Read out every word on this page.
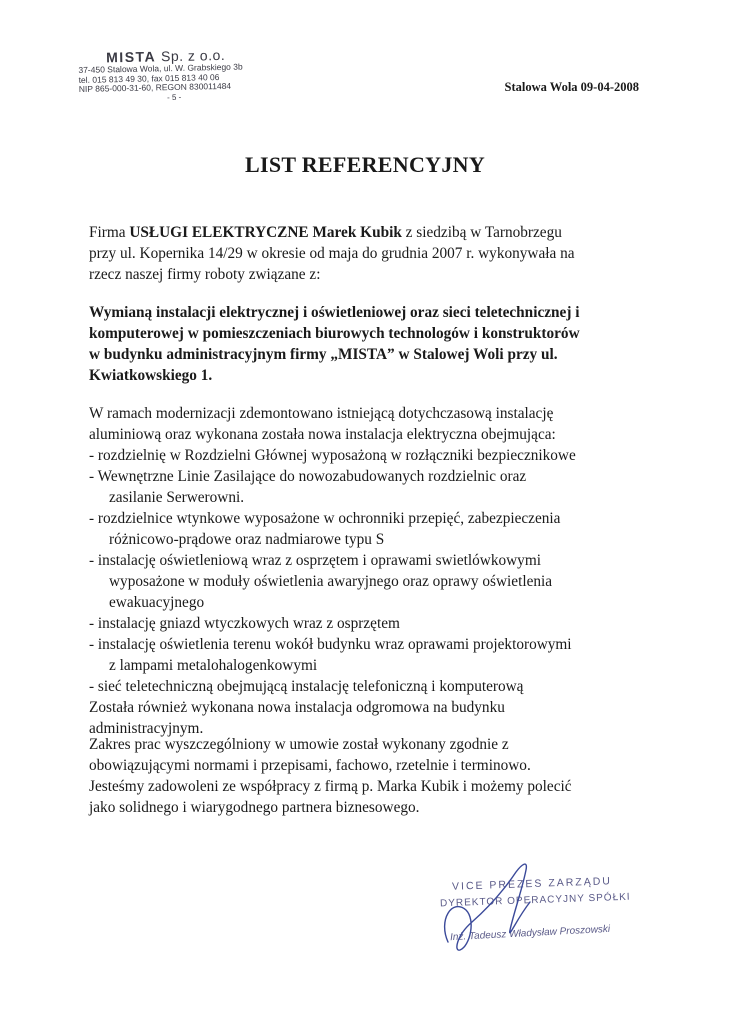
MISTA Sp. z o.o.
37-450 Stalowa Wola, ul. W. Grabskiego 3b
tel. 015 813 49 30, fax 015 813 40 06
NIP 865-000-31-60, REGON 830011484
- 5 -
Stalowa Wola 09-04-2008
LIST REFERENCYJNY

Firma USŁUGI ELEKTRYCZNE Marek Kubik z siedzibą w Tarnobrzegu

przy ul. Kopernika 14/29 w okresie od maja do grudnia 2007 r. wykonywała na

rzecz naszej firmy roboty związane z:

Wymianą instalacji elektrycznej i oświetleniowej oraz sieci teletechnicznej i

komputerowej w pomieszczeniach biurowych technologów i konstruktorów

w budynku administracyjnym firmy „MISTA” w Stalowej Woli przy ul.

Kwiatkowskiego 1.

W ramach modernizacji zdemontowano istniejącą dotychczasową instalację

aluminiową oraz wykonana została nowa instalacja elektryczna obejmująca:

- rozdzielnię w Rozdzielni Głównej wyposażoną w rozłączniki bezpiecznikowe
- Wewnętrzne Linie Zasilające do nowozabudowanych rozdzielnic oraz
zasilanie Serwerowni.
- rozdzielnice wtynkowe wyposażone w ochronniki przepięć, zabezpieczenia
różnicowo-prądowe oraz nadmiarowe typu S
- instalację oświetleniową wraz z osprzętem i oprawami swietlówkowymi
wyposażone w moduły oświetlenia awaryjnego oraz oprawy oświetlenia
ewakuacyjnego
- instalację gniazd wtyczkowych wraz z osprzętem
- instalację oświetlenia terenu wokół budynku wraz oprawami projektorowymi
z lampami metalohalogenkowymi
- sieć teletechniczną obejmującą instalację telefoniczną i komputerową

Została również wykonana nowa instalacja odgromowa na budynku

administracyjnym.

Zakres prac wyszczególniony w umowie został wykonany zgodnie z

obowiązującymi normami i przepisami, fachowo, rzetelnie i terminowo.

Jesteśmy zadowoleni ze współpracy z firmą p. Marka Kubik i możemy polecić

jako solidnego i wiarygodnego partnera biznesowego.

VICE PREZES ZARZĄDU
DYREKTOR OPERACYJNY SPÓŁKI
Inż. Tadeusz Władysław Proszowski
